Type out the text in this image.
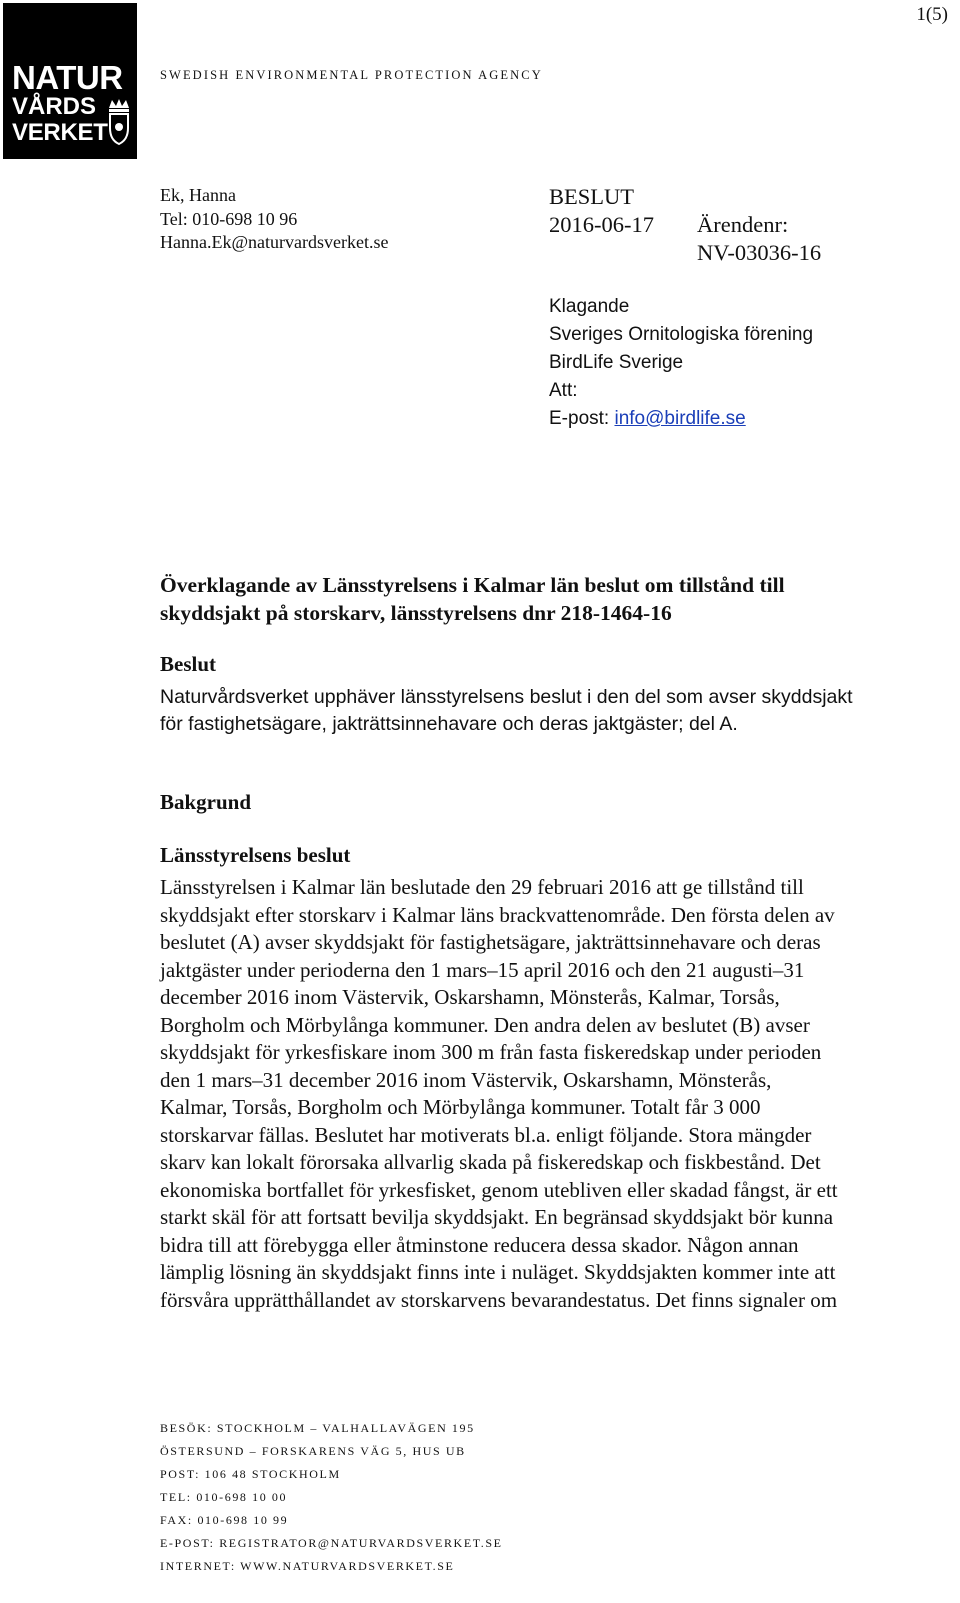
NATUR
VÅRDS
VERKET
1(5)
SWEDISH ENVIRONMENTAL PROTECTION AGENCY
Ek, Hanna
Tel: 010-698 10 96
Hanna.Ek@naturvardsverket.se
BESLUT
2016-06-17 Ärendenr:
NV-03036-16
Klagande
Sveriges Ornitologiska förening
BirdLife Sverige
Att:
E-post: info@birdlife.se
Överklagande av Länsstyrelsens i Kalmar län beslut om tillstånd till
skyddsjakt på storskarv, länsstyrelsens dnr 218-1464-16
Beslut
Naturvårdsverket upphäver länsstyrelsens beslut i den del som avser skyddsjakt
för fastighetsägare, jakträttsinnehavare och deras jaktgäster; del A.
Bakgrund
Länsstyrelsens beslut
Länsstyrelsen i Kalmar län beslutade den 29 februari 2016 att ge tillstånd till
skyddsjakt efter storskarv i Kalmar läns brackvattenområde. Den första delen av
beslutet (A) avser skyddsjakt för fastighetsägare, jakträttsinnehavare och deras
jaktgäster under perioderna den 1 mars–15 april 2016 och den 21 augusti–31
december 2016 inom Västervik, Oskarshamn, Mönsterås, Kalmar, Torsås,
Borgholm och Mörbylånga kommuner. Den andra delen av beslutet (B) avser
skyddsjakt för yrkesfiskare inom 300 m från fasta fiskeredskap under perioden
den 1 mars–31 december 2016 inom Västervik, Oskarshamn, Mönsterås,
Kalmar, Torsås, Borgholm och Mörbylånga kommuner. Totalt får 3 000
storskarvar fällas. Beslutet har motiverats bl.a. enligt följande. Stora mängder
skarv kan lokalt förorsaka allvarlig skada på fiskeredskap och fiskbestånd. Det
ekonomiska bortfallet för yrkesfisket, genom utebliven eller skadad fångst, är ett
starkt skäl för att fortsatt bevilja skyddsjakt. En begränsad skyddsjakt bör kunna
bidra till att förebygga eller åtminstone reducera dessa skador. Någon annan
lämplig lösning än skyddsjakt finns inte i nuläget. Skyddsjakten kommer inte att
försvåra upprätthållandet av storskarvens bevarandestatus. Det finns signaler om
BESÖK: STOCKHOLM – VALHALLAVÄGEN 195
ÖSTERSUND – FORSKARENS VÄG 5, HUS UB
POST: 106 48 STOCKHOLM
TEL: 010-698 10 00
FAX: 010-698 10 99
E-POST: REGISTRATOR@NATURVARDSVERKET.SE
INTERNET: WWW.NATURVARDSVERKET.SE
